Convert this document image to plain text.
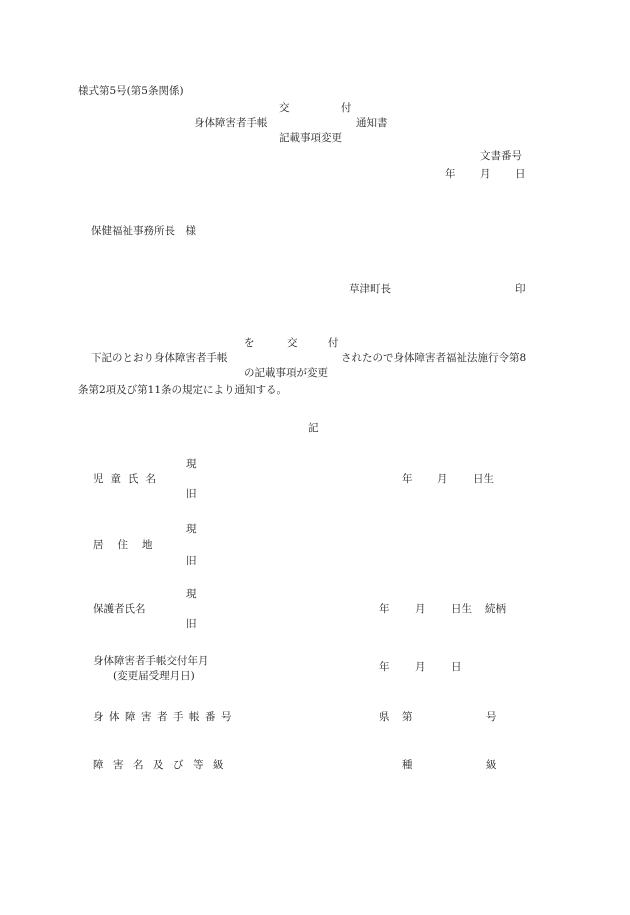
様式第5号(第5条関係)
交	付
身体障害者手帳	通知書
記載事項変更
文書番号
年 月 日
保健福祉事務所長　様
草津町長	印
を	交	付
下記のとおり身体障害者手帳	されたので身体障害者福祉法施行令第8
の記載事項が変更
条第2項及び第11条の規定により通知する。
記
現
児童氏名	年 月 日生
旧
現
居住地
旧
現
保護者氏名	年 月 日生 続柄
旧
身体障害者手帳交付年月
(変更届受理月日)
年 月 日
身体障害者手帳番号	県 第	号
障害名及び等級	種	級
